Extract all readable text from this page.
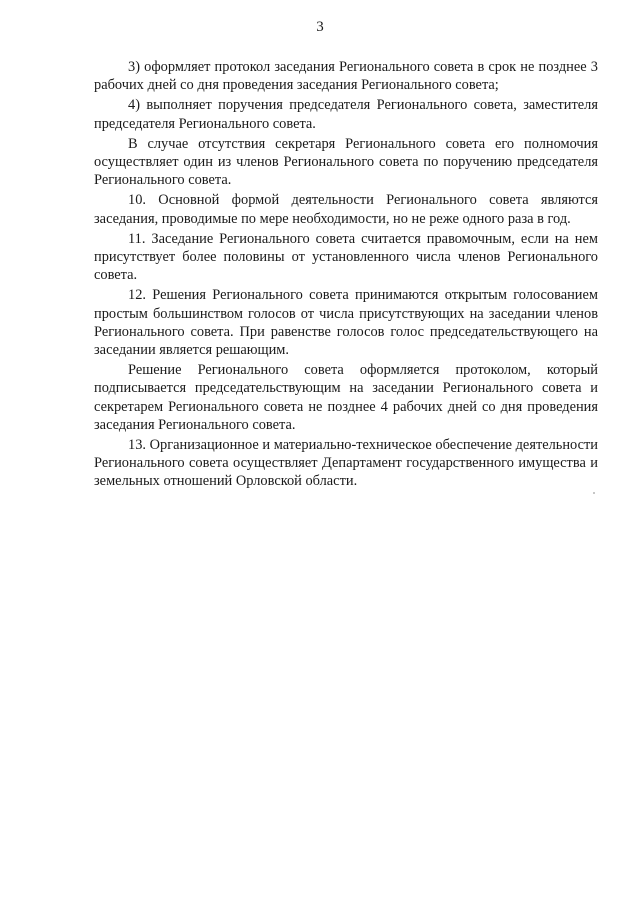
3

3) оформляет протокол заседания Регионального совета в срок не позднее 3 рабочих дней со дня проведения заседания Регионального совета;

4) выполняет поручения председателя Регионального совета, заместителя председателя Регионального совета.

В случае отсутствия секретаря Регионального совета его полномочия осуществляет один из членов Регионального совета по поручению председателя Регионального совета.

10. Основной формой деятельности Регионального совета являются заседания, проводимые по мере необходимости, но не реже одного раза в год.

11. Заседание Регионального совета считается правомочным, если на нем присутствует более половины от установленного числа членов Регионального совета.

12. Решения Регионального совета принимаются открытым голосованием простым большинством голосов от числа присутствующих на заседании членов Регионального совета. При равенстве голосов голос председательствующего на заседании является решающим.

Решение Регионального совета оформляется протоколом, который подписывается председательствующим на заседании Регионального совета и секретарем Регионального совета не позднее 4 рабочих дней со дня проведения заседания Регионального совета.

13. Организационное и материально-техническое обеспечение деятельности Регионального совета осуществляет Департамент государственного имущества и земельных отношений Орловской области.
